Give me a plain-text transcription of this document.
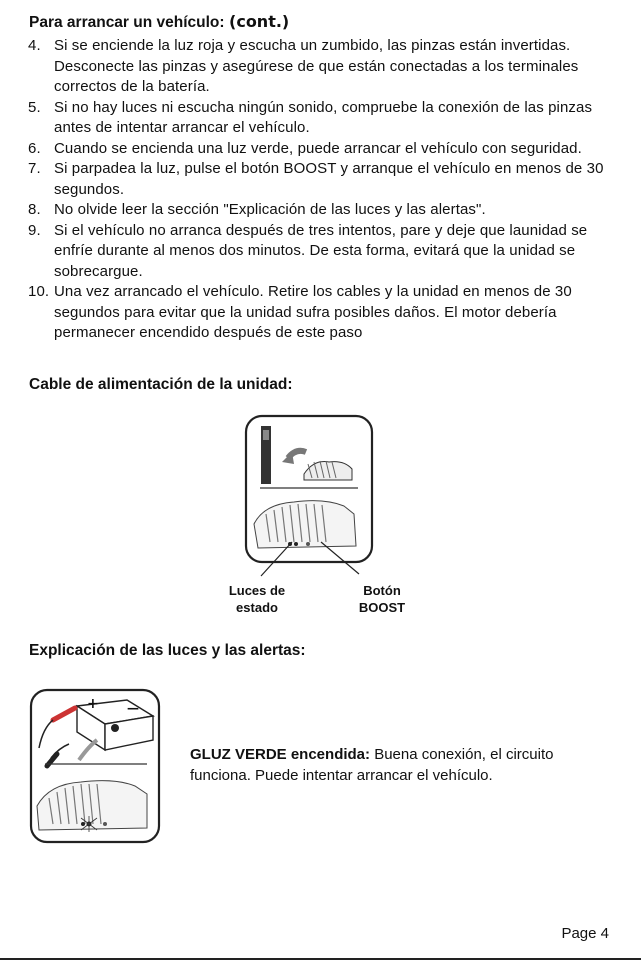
Para arrancar un vehículo: (cont.)
4. Si se enciende la luz roja y escucha un zumbido, las pinzas están invertidas. Desconecte las pinzas y asegúrese de que están conectadas a los terminales correctos de la batería.
5. Si no hay luces ni escucha ningún sonido, compruebe la conexión de las pinzas antes de intentar arrancar el vehículo.
6. Cuando se encienda una luz verde, puede arrancar el vehículo con seguridad.
7. Si parpadea la luz, pulse el botón BOOST y arranque el vehículo en menos de 30 segundos.
8. No olvide leer la sección "Explicación de las luces y las alertas".
9. Si el vehículo no arranca después de tres intentos, pare y deje que launidad se enfríe durante al menos dos minutos. De esta forma, evitará que la unidad se sobrecargue.
10. Una vez arrancado el vehículo. Retire los cables y la unidad en menos de 30 segundos para evitar que la unidad sufra posibles daños. El motor debería permanecer encendido después de este paso
Cable de alimentación de la unidad:
Luces de estado
Botón BOOST
Explicación de las luces y las alertas:
+ —
GLUZ VERDE encendida: Buena conexión, el circuito funciona. Puede intentar arrancar el vehículo.
Page 4
